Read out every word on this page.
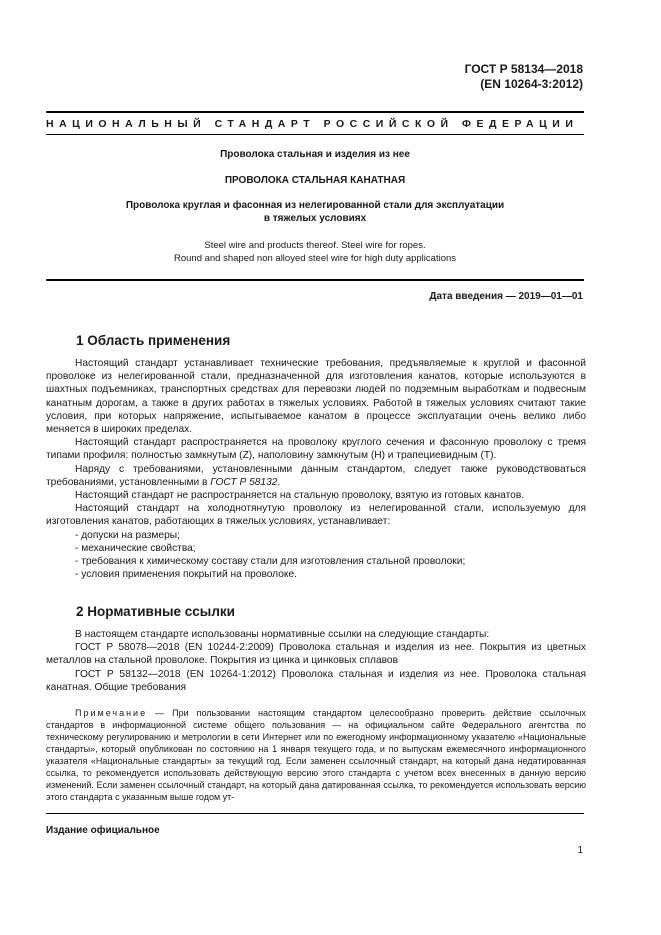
ГОСТ Р 58134—2018
(EN 10264-3:2012)
НАЦИОНАЛЬНЫЙ СТАНДАРТ РОССИЙСКОЙ ФЕДЕРАЦИИ
Проволока стальная и изделия из нее
ПРОВОЛОКА СТАЛЬНАЯ КАНАТНАЯ
Проволока круглая и фасонная из нелегированной стали для эксплуатации
в тяжелых условиях
Steel wire and products thereof. Steel wire for ropes.
Round and shaped non alloyed steel wire for high duty applications
Дата введения — 2019—01—01
1 Область применения

Настоящий стандарт устанавливает технические требования, предъявляемые к круглой и фасонной проволоке из нелегированной стали, предназначенной для изготовления канатов, которые используются в шахтных подъемниках, транспортных средствах для перевозки людей по подземным выработкам и подвесным канатным дорогам, а также в других работах в тяжелых условиях. Работой в тяжелых условиях считают такие условия, при которых напряжение, испытываемое канатом в процессе эксплуатации очень велико либо меняется в широких пределах.

Настоящий стандарт распространяется на проволоку круглого сечения и фасонную проволоку с тремя типами профиля: полностью замкнутым (Z), наполовину замкнутым (H) и трапециевидным (T).

Наряду с требованиями, установленными данным стандартом, следует также руководствоваться требованиями, установленными в ГОСТ Р 58132.

Настоящий стандарт не распространяется на стальную проволоку, взятую из готовых канатов.

Настоящий стандарт на холоднотянутую проволоку из нелегированной стали, используемую для изготовления канатов, работающих в тяжелых условиях, устанавливает:

- допуски на размеры;
- механические свойства;
- требования к химическому составу стали для изготовления стальной проволоки;
- условия применения покрытий на проволоке.
2 Нормативные ссылки

В настоящем стандарте использованы нормативные ссылки на следующие стандарты:

ГОСТ Р 58078—2018 (EN 10244-2:2009) Проволока стальная и изделия из нее. Покрытия из цветных металлов на стальной проволоке. Покрытия из цинка и цинковых сплавов

ГОСТ Р 58132—2018 (EN 10264-1:2012) Проволока стальная и изделия из нее. Проволока стальная канатная. Общие требования

Примечание — При пользовании настоящим стандартом целесообразно проверить действие ссылочных стандартов в информационной системе общего пользования — на официальном сайте Федерального агентства по техническому регулированию и метрологии в сети Интернет или по ежегодному информационному указателю «Национальные стандарты», который опубликован по состоянию на 1 января текущего года, и по выпускам ежемесячного информационного указателя «Национальные стандарты» за текущий год. Если заменен ссылочный стандарт, на который дана недатированная ссылка, то рекомендуется использовать действующую версию этого стандарта с учетом всех внесенных в данную версию изменений. Если заменен ссылочный стандарт, на который дана датированная ссылка, то рекомендуется использовать версию этого стандарта с указанным выше годом ут-

Издание официальное
1
